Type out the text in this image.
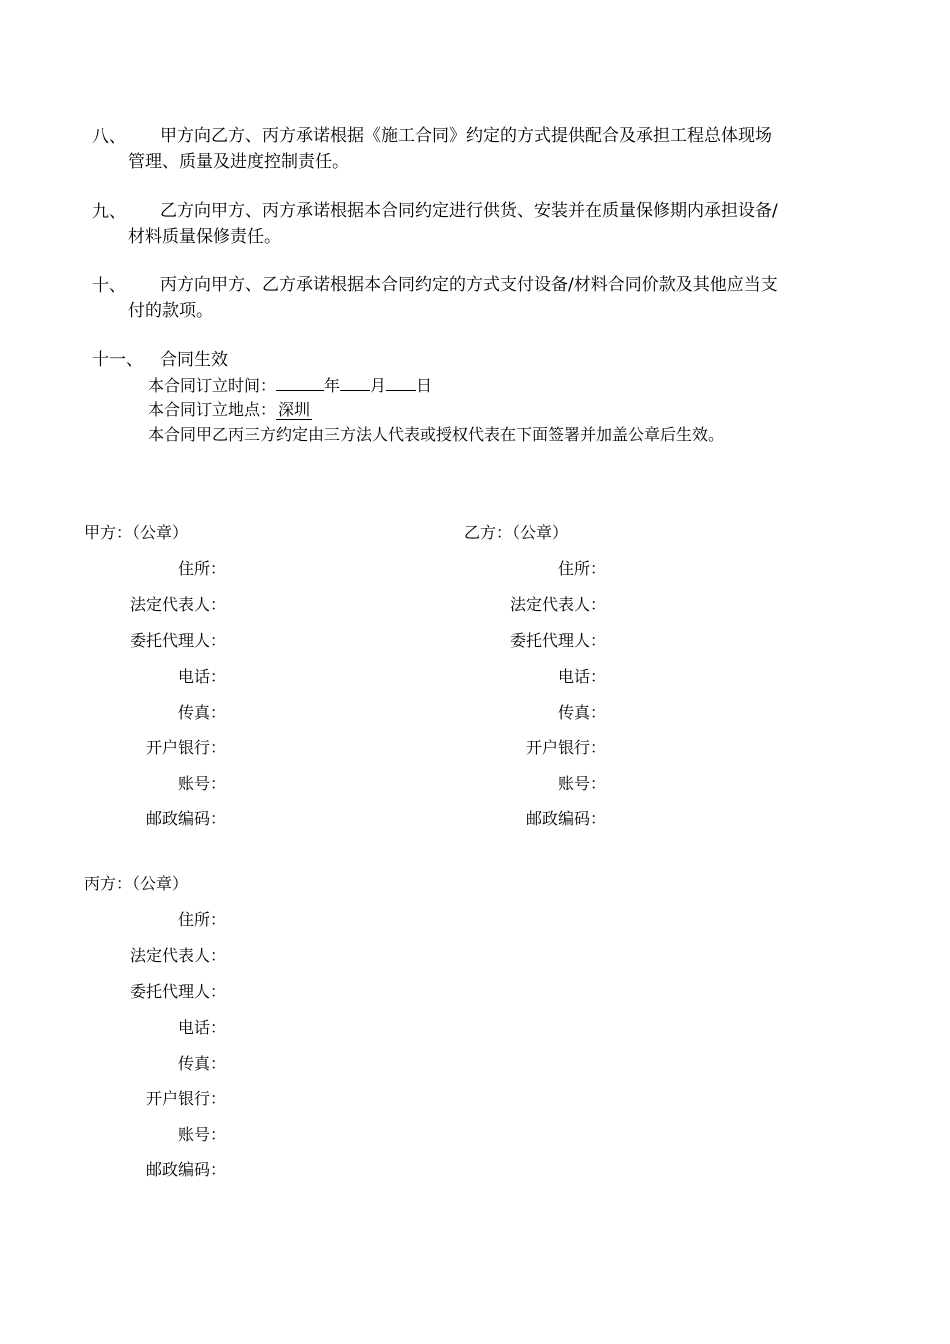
八、 甲方向乙方、丙方承诺根据《施工合同》约定的方式提供配合及承担工程总体现场
管理、质量及进度控制责任。
九、 乙方向甲方、丙方承诺根据本合同约定进行供货、安装并在质量保修期内承担设备/
材料质量保修责任。
十、 丙方向甲方、乙方承诺根据本合同约定的方式支付设备/材料合同价款及其他应当支
付的款项。
十一、 合同生效
本合同订立时间：	年 月 日
本合同订立地点： 深圳
本合同甲乙丙三方约定由三方法人代表或授权代表在下面签署并加盖公章后生效。
甲方：（公章）
住所：
法定代表人：
委托代理人：
电话：
传真：
开户银行：
账号：
邮政编码：
乙方：（公章）
住所：
法定代表人：
委托代理人：
电话：
传真：
开户银行：
账号：
邮政编码：
丙方：（公章）
住所：
法定代表人：
委托代理人：
电话：
传真：
开户银行：
账号：
邮政编码：
